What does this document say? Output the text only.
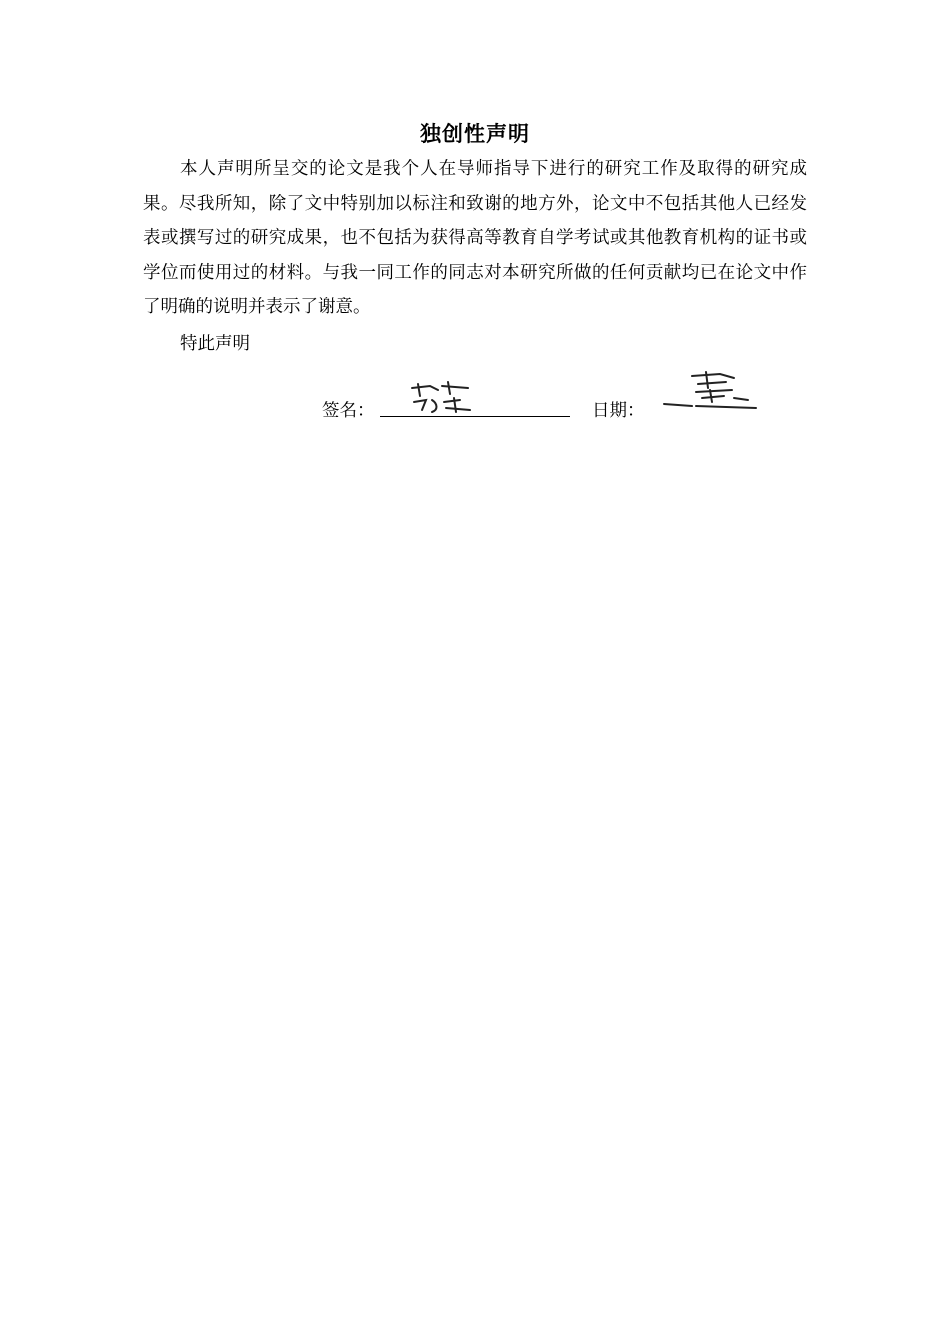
独创性声明

本人声明所呈交的论文是我个人在导师指导下进行的研究工作及取得的研究成果。尽我所知，除了文中特别加以标注和致谢的地方外，论文中不包括其他人已经发表或撰写过的研究成果，也不包括为获得高等教育自学考试或其他教育机构的证书或学位而使用过的材料。与我一同工作的同志对本研究所做的任何贡献均已在论文中作了明确的说明并表示了谢意。

特此声明

签名：	日期：
